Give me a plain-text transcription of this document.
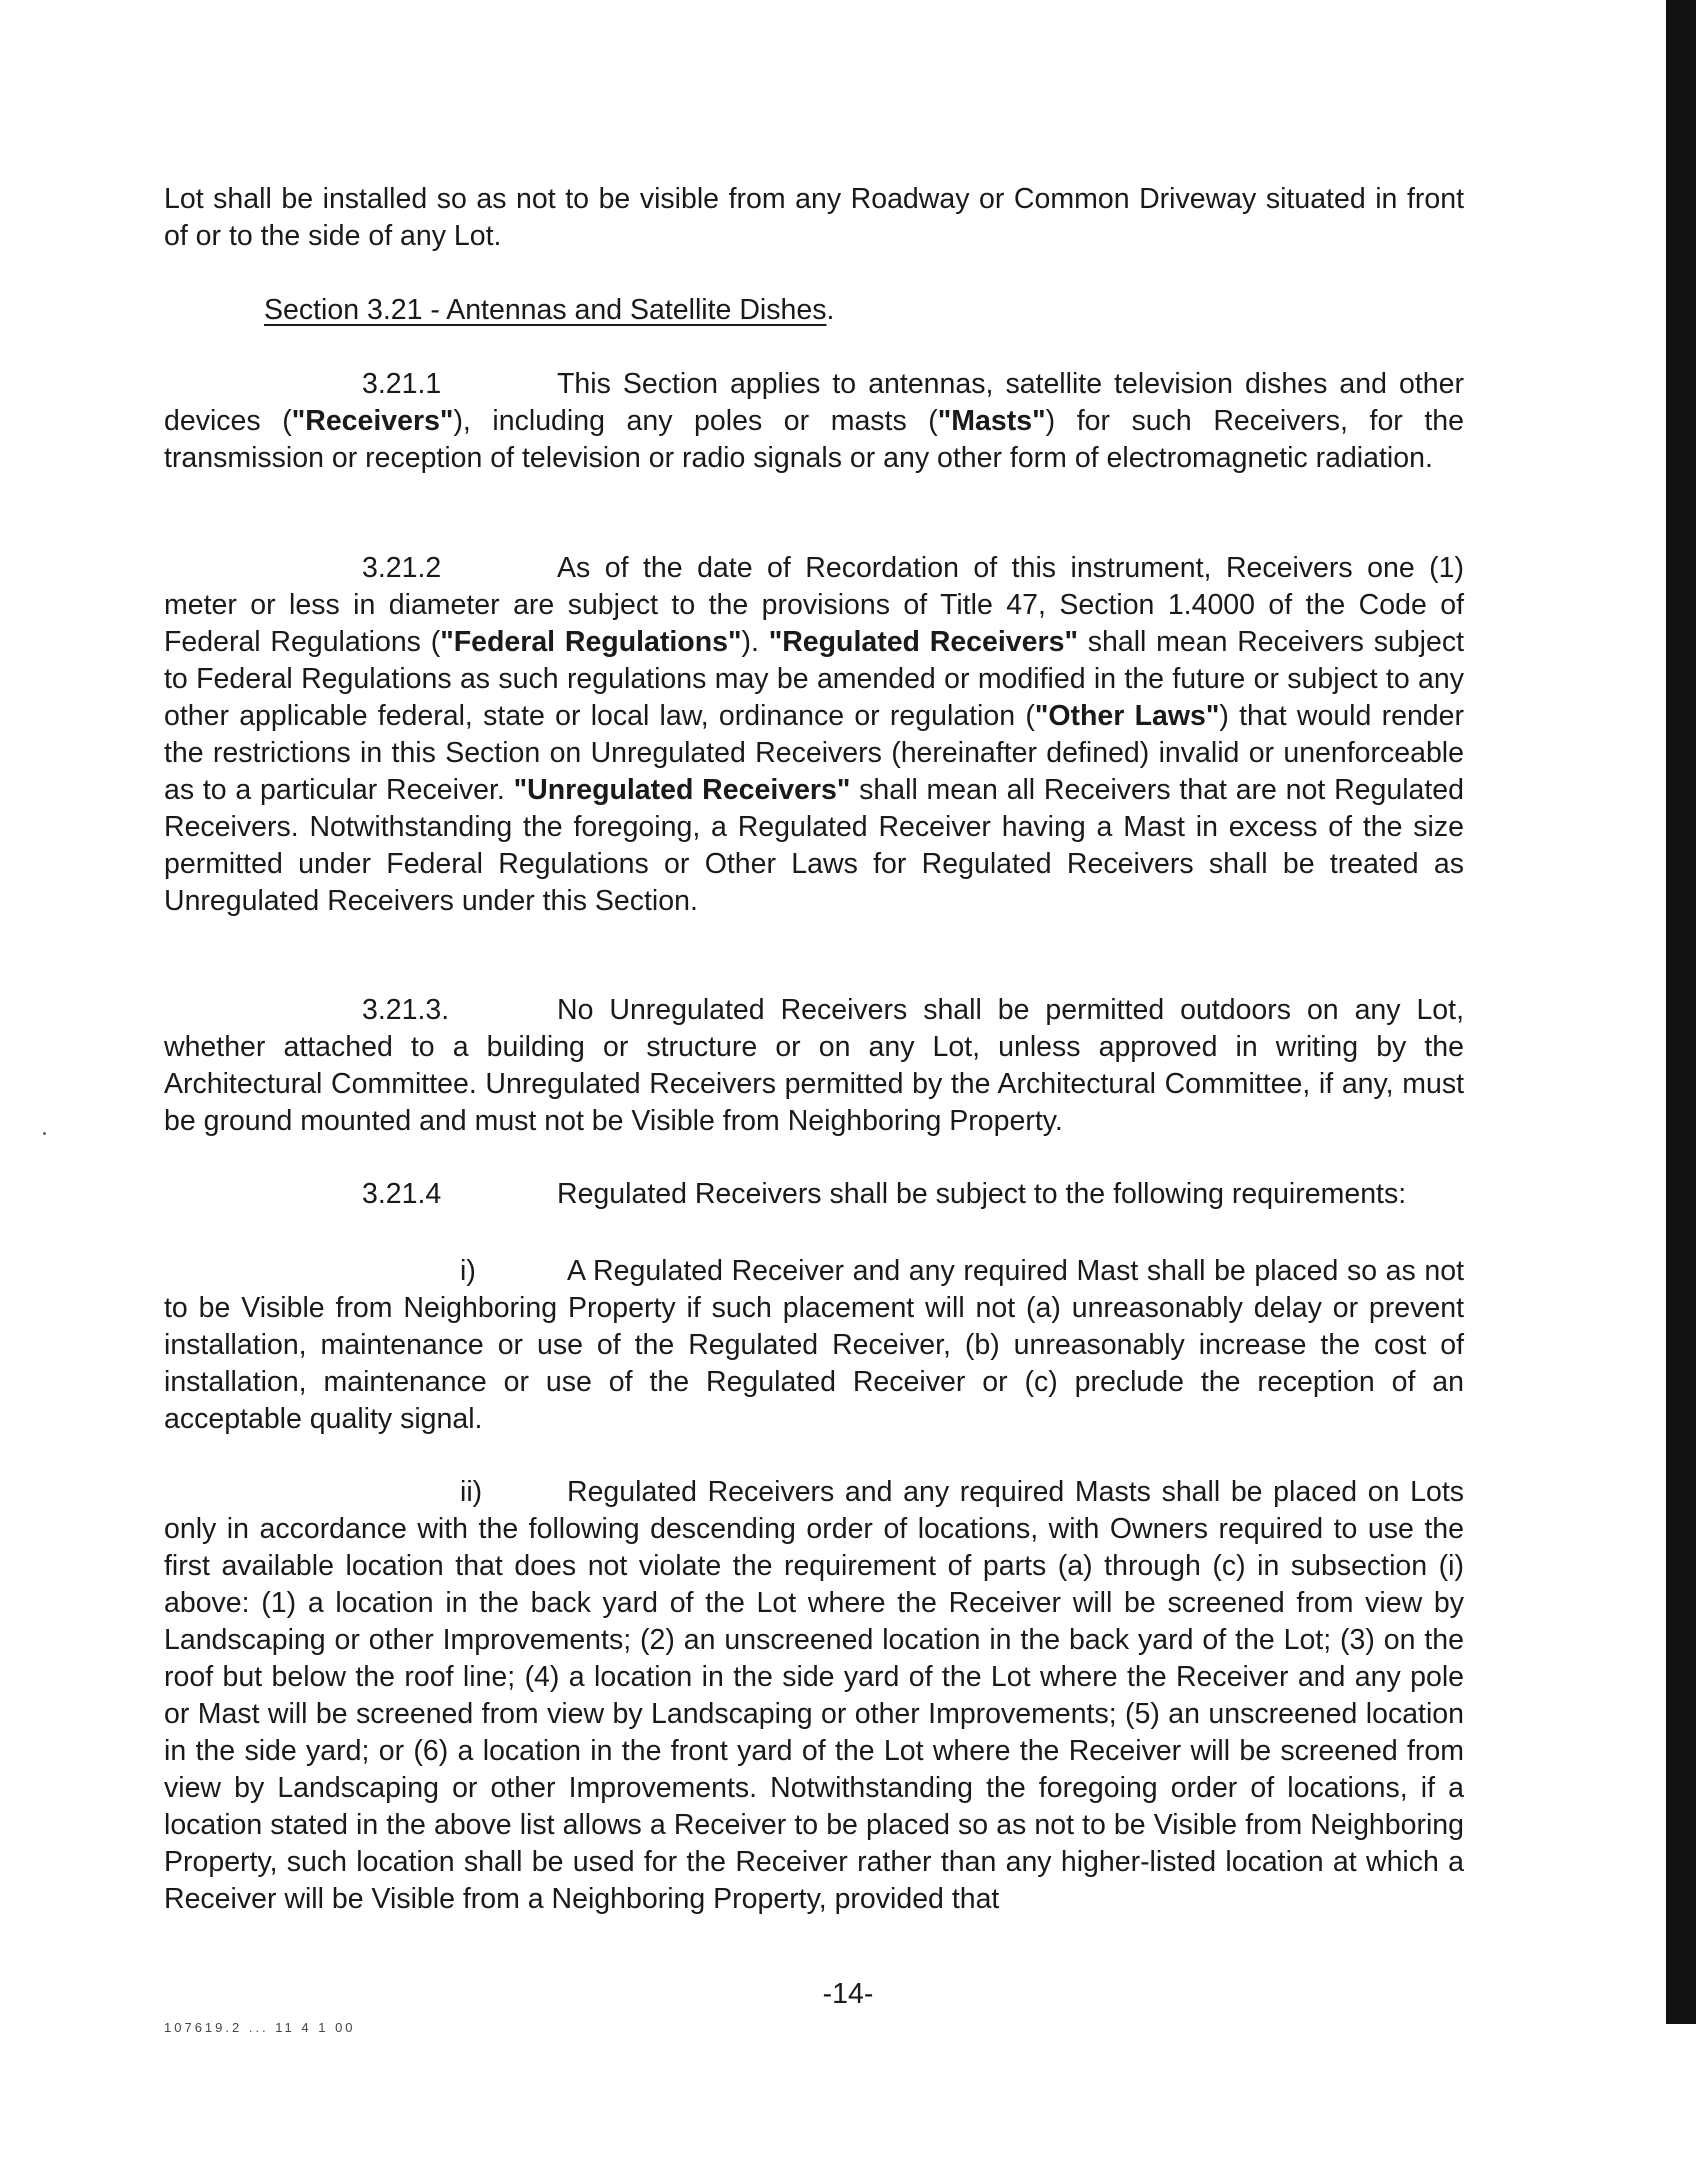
Lot shall be installed so as not to be visible from any Roadway or Common Driveway situated in front of or to the side of any Lot.

Section 3.21 - Antennas and Satellite Dishes.

3.21.1	This Section applies to antennas, satellite television dishes and other devices ("Receivers"), including any poles or masts ("Masts") for such Receivers, for the transmission or reception of television or radio signals or any other form of electromagnetic radiation.

3.21.2	As of the date of Recordation of this instrument, Receivers one (1) meter or less in diameter are subject to the provisions of Title 47, Section 1.4000 of the Code of Federal Regulations ("Federal Regulations"). "Regulated Receivers" shall mean Receivers subject to Federal Regulations as such regulations may be amended or modified in the future or subject to any other applicable federal, state or local law, ordinance or regulation ("Other Laws") that would render the restrictions in this Section on Unregulated Receivers (hereinafter defined) invalid or unenforceable as to a particular Receiver. "Unregulated Receivers" shall mean all Receivers that are not Regulated Receivers. Notwithstanding the foregoing, a Regulated Receiver having a Mast in excess of the size permitted under Federal Regulations or Other Laws for Regulated Receivers shall be treated as Unregulated Receivers under this Section.

3.21.3.	No Unregulated Receivers shall be permitted outdoors on any Lot, whether attached to a building or structure or on any Lot, unless approved in writing by the Architectural Committee. Unregulated Receivers permitted by the Architectural Committee, if any, must be ground mounted and must not be Visible from Neighboring Property.

3.21.4	Regulated Receivers shall be subject to the following requirements:

i)	A Regulated Receiver and any required Mast shall be placed so as not to be Visible from Neighboring Property if such placement will not (a) unreasonably delay or prevent installation, maintenance or use of the Regulated Receiver, (b) unreasonably increase the cost of installation, maintenance or use of the Regulated Receiver or (c) preclude the reception of an acceptable quality signal.

ii)	Regulated Receivers and any required Masts shall be placed on Lots only in accordance with the following descending order of locations, with Owners required to use the first available location that does not violate the requirement of parts (a) through (c) in subsection (i) above: (1) a location in the back yard of the Lot where the Receiver will be screened from view by Landscaping or other Improvements; (2) an unscreened location in the back yard of the Lot; (3) on the roof but below the roof line; (4) a location in the side yard of the Lot where the Receiver and any pole or Mast will be screened from view by Landscaping or other Improvements; (5) an unscreened location in the side yard; or (6) a location in the front yard of the Lot where the Receiver will be screened from view by Landscaping or other Improvements. Notwithstanding the foregoing order of locations, if a location stated in the above list allows a Receiver to be placed so as not to be Visible from Neighboring Property, such location shall be used for the Receiver rather than any higher-listed location at which a Receiver will be Visible from a Neighboring Property, provided that

-14-
107619.2 ... 11 4 1 00
